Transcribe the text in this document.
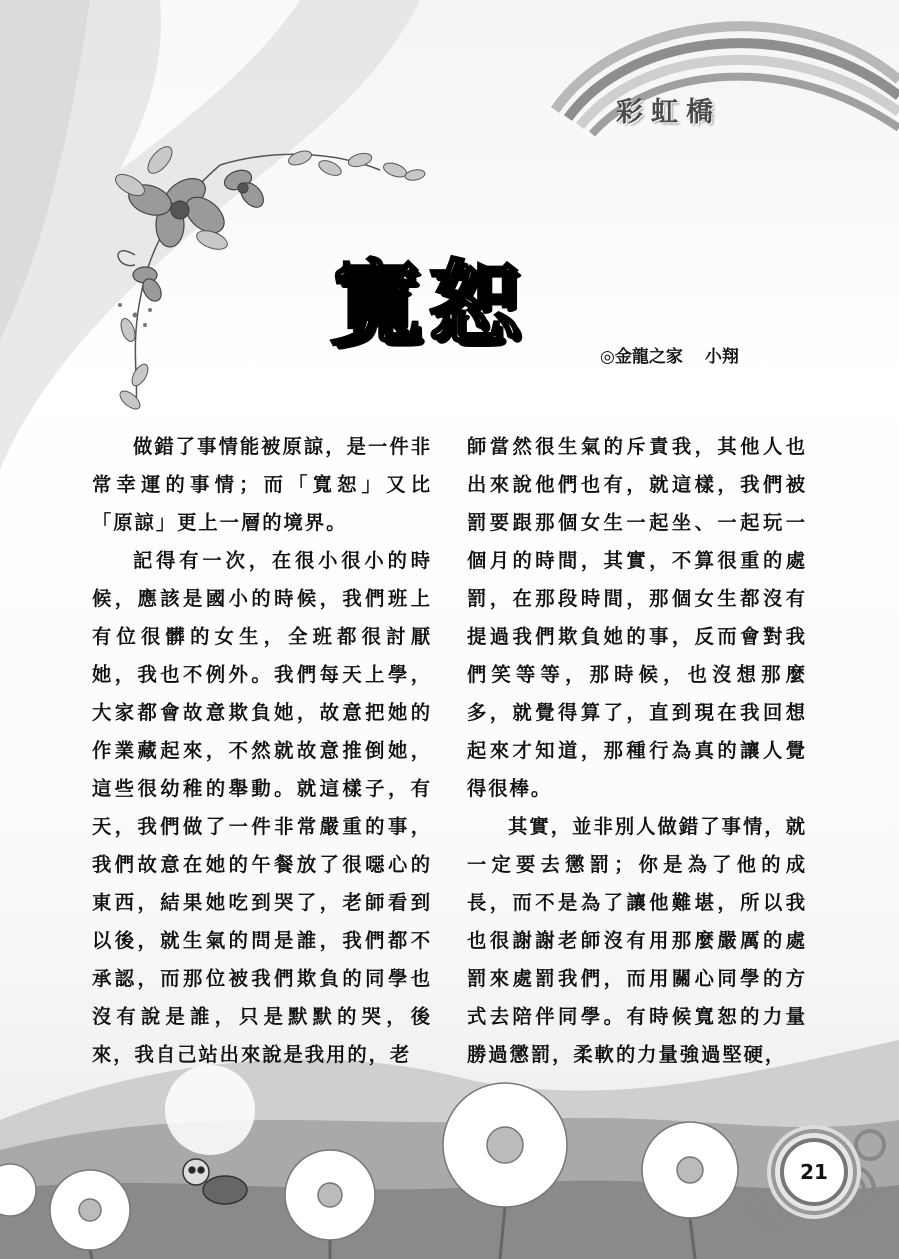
彩虹橋
寬恕	◎金龍之家 小翔

做錯了事情能被原諒，是一件非常幸運的事情；而「寬恕」又比「原諒」更上一層的境界。

記得有一次，在很小很小的時候，應該是國小的時候，我們班上有位很髒的女生，全班都很討厭她，我也不例外。我們每天上學，大家都會故意欺負她，故意把她的作業藏起來，不然就故意推倒她，這些很幼稚的舉動。就這樣子，有天，我們做了一件非常嚴重的事，我們故意在她的午餐放了很噁心的東西，結果她吃到哭了，老師看到以後，就生氣的問是誰，我們都不承認，而那位被我們欺負的同學也沒有說是誰，只是默默的哭，後來，我自己站出來說是我用的，老

師當然很生氣的斥責我，其他人也出來說他們也有，就這樣，我們被罰要跟那個女生一起坐、一起玩一個月的時間，其實，不算很重的處罰，在那段時間，那個女生都沒有提過我們欺負她的事，反而會對我們笑等等，那時候，也沒想那麼多，就覺得算了，直到現在我回想起來才知道，那種行為真的讓人覺得很棒。

其實，並非別人做錯了事情，就一定要去懲罰；你是為了他的成長，而不是為了讓他難堪，所以我也很謝謝老師沒有用那麼嚴厲的處罰來處罰我們，而用關心同學的方式去陪伴同學。有時候寬恕的力量勝過懲罰，柔軟的力量強過堅硬，

21
